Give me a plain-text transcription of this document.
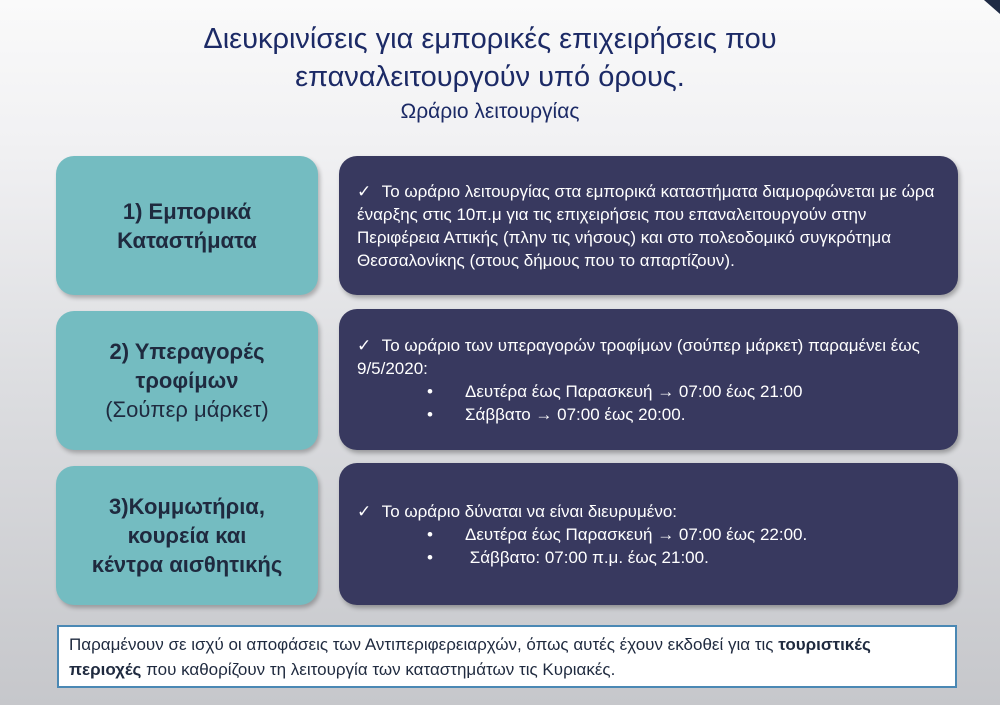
Διευκρινίσεις για εμπορικές επιχειρήσεις που
επαναλειτουργούν υπό όρους.
Ωράριο λειτουργίας
1) Εμπορικά
Καταστήματα
✓ Το ωράριο λειτουργίας στα εμπορικά καταστήματα διαμορφώνεται με ώρα έναρξης στις 10π.μ για τις επιχειρήσεις που επαναλειτουργούν στην Περιφέρεια Αττικής (πλην τις νήσους) και στο πολεοδομικό συγκρότημα Θεσσαλονίκης (στους δήμους που το απαρτίζουν).
2) Υπεραγορές
τροφίμων
(Σούπερ μάρκετ)
✓ Το ωράριο των υπεραγορών τροφίμων (σούπερ μάρκετ) παραμένει έως 9/5/2020:
•	Δευτέρα έως Παρασκευή → 07:00 έως 21:00
•	Σάββατο → 07:00 έως 20:00.
3)Κομμωτήρια,
κουρεία και
κέντρα αισθητικής
✓ Το ωράριο δύναται να είναι διευρυμένο:
•	Δευτέρα έως Παρασκευή → 07:00 έως 22:00.
•	Σάββατο: 07:00 π.μ. έως 21:00.
Παραμένουν σε ισχύ οι αποφάσεις των Αντιπεριφερειαρχών, όπως αυτές έχουν εκδοθεί για τις τουριστικές περιοχές που καθορίζουν τη λειτουργία των καταστημάτων τις Κυριακές.
